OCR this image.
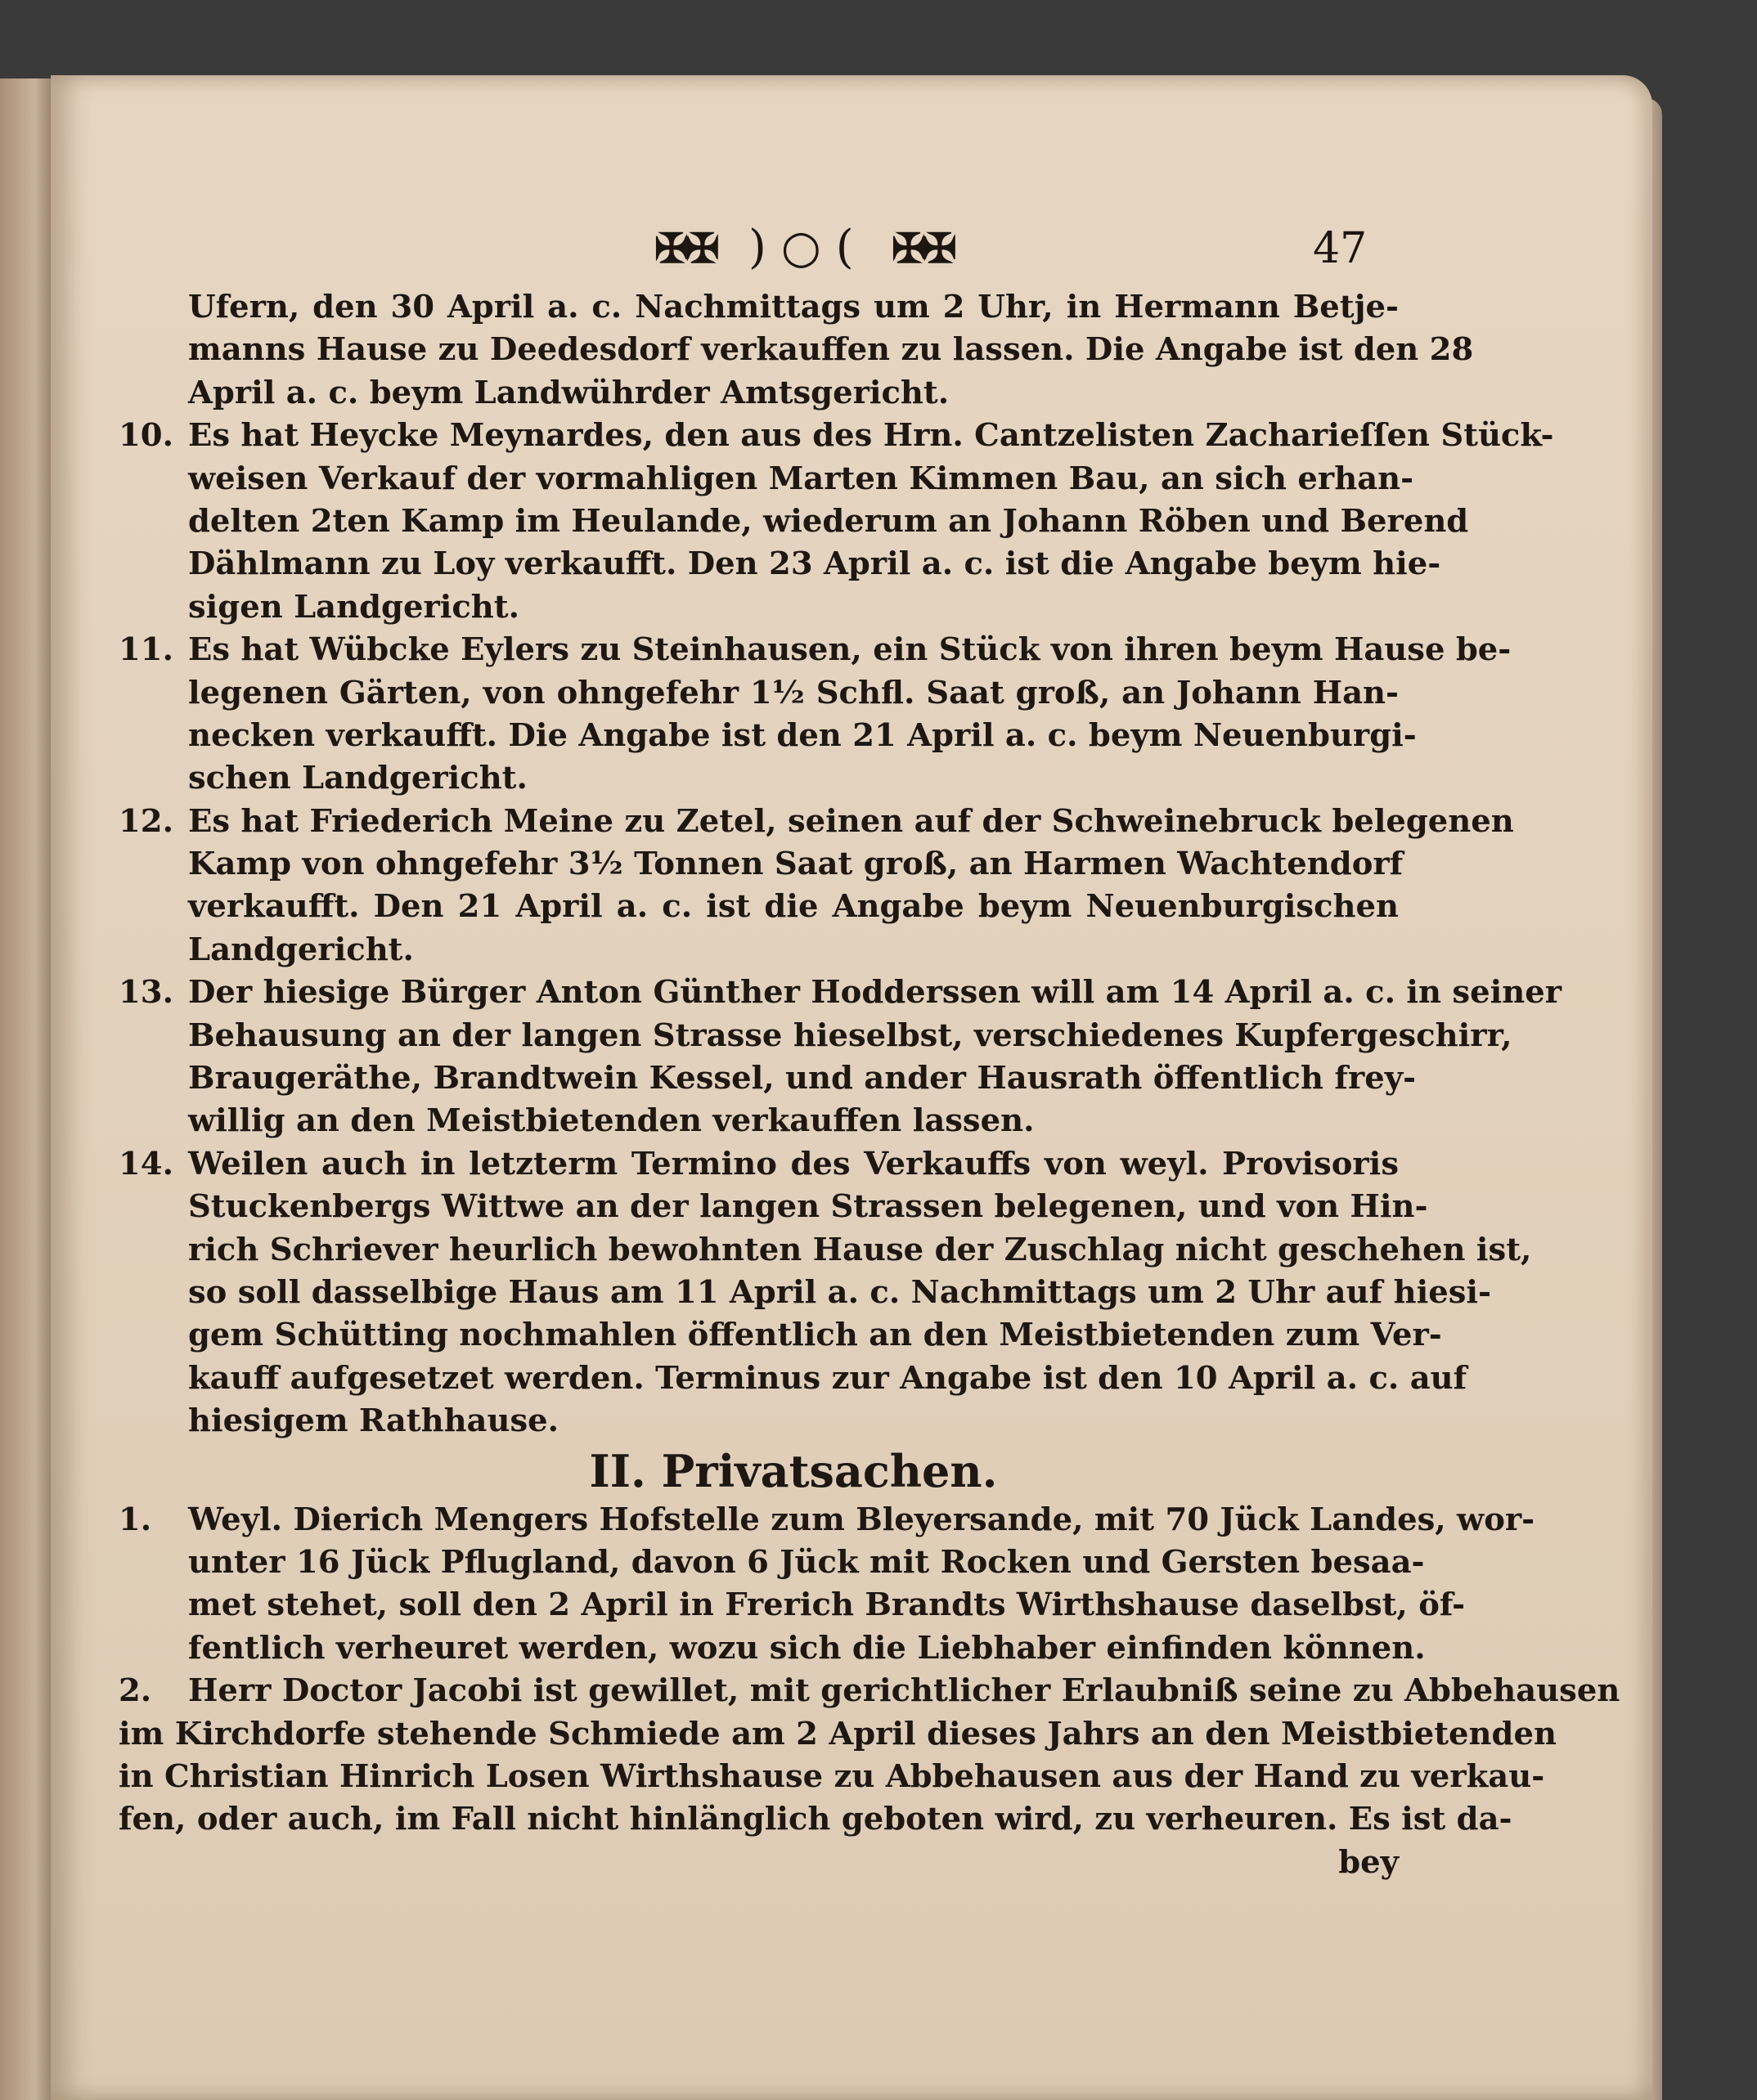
✠✠ )○( ✠✠	47
Ufern, den 30 April a. c. Nachmittags um 2 Uhr, in Hermann Betje-
manns Hause zu Deedesdorf verkauffen zu lassen. Die Angabe ist den 28
April a. c. beym Landwührder Amtsgericht.
10. Es hat Heycke Meynardes, den aus des Hrn. Cantzelisten Zacharieſſen Stück-
weisen Verkauf der vormahligen Marten Kimmen Bau, an sich erhan-
delten 2ten Kamp im Heulande, wiederum an Johann Röben und Berend
Dählmann zu Loy verkaufft. Den 23 April a. c. ist die Angabe beym hie-
sigen Landgericht.
11. Es hat Wübcke Eylers zu Steinhausen, ein Stück von ihren beym Hause be-
legenen Gärten, von ohngefehr 1½ Schfl. Saat groß, an Johann Han-
necken verkaufft. Die Angabe ist den 21 April a. c. beym Neuenburgi-
schen Landgericht.
12. Es hat Friederich Meine zu Zetel, seinen auf der Schweinebruck belegenen
Kamp von ohngefehr 3½ Tonnen Saat groß, an Harmen Wachtendorf
verkaufft. Den 21 April a. c. ist die Angabe beym Neuenburgischen
Landgericht.
13. Der hiesige Bürger Anton Günther Hodderssen will am 14 April a. c. in seiner
Behausung an der langen Strasse hieselbst, verschiedenes Kupfergeschirr,
Braugeräthe, Brandtwein Kessel, und ander Hausrath öffentlich frey-
willig an den Meistbietenden verkauffen lassen.
14. Weilen auch in letzterm Termino des Verkauffs von weyl. Provisoris
Stuckenbergs Wittwe an der langen Strassen belegenen, und von Hin-
rich Schriever heurlich bewohnten Hause der Zuschlag nicht geschehen ist,
so soll dasselbige Haus am 11 April a. c. Nachmittags um 2 Uhr auf hiesi-
gem Schütting nochmahlen öffentlich an den Meistbietenden zum Ver-
kauff aufgesetzet werden. Terminus zur Angabe ist den 10 April a. c. auf
hiesigem Rathhause.
II. Privatsachen.
1. Weyl. Dierich Mengers Hofstelle zum Bleyersande, mit 70 Jück Landes, wor-
unter 16 Jück Pflugland, davon 6 Jück mit Rocken und Gersten besaa-
met stehet, soll den 2 April in Frerich Brandts Wirthshause daselbst, öf-
fentlich verheuret werden, wozu sich die Liebhaber einfinden können.
2. Herr Doctor Jacobi ist gewillet, mit gerichtlicher Erlaubniß seine zu Abbehausen
im Kirchdorfe stehende Schmiede am 2 April dieses Jahrs an den Meistbietenden
in Christian Hinrich Losen Wirthshause zu Abbehausen aus der Hand zu verkau-
fen, oder auch, im Fall nicht hinlänglich geboten wird, zu verheuren. Es ist da-
bey
